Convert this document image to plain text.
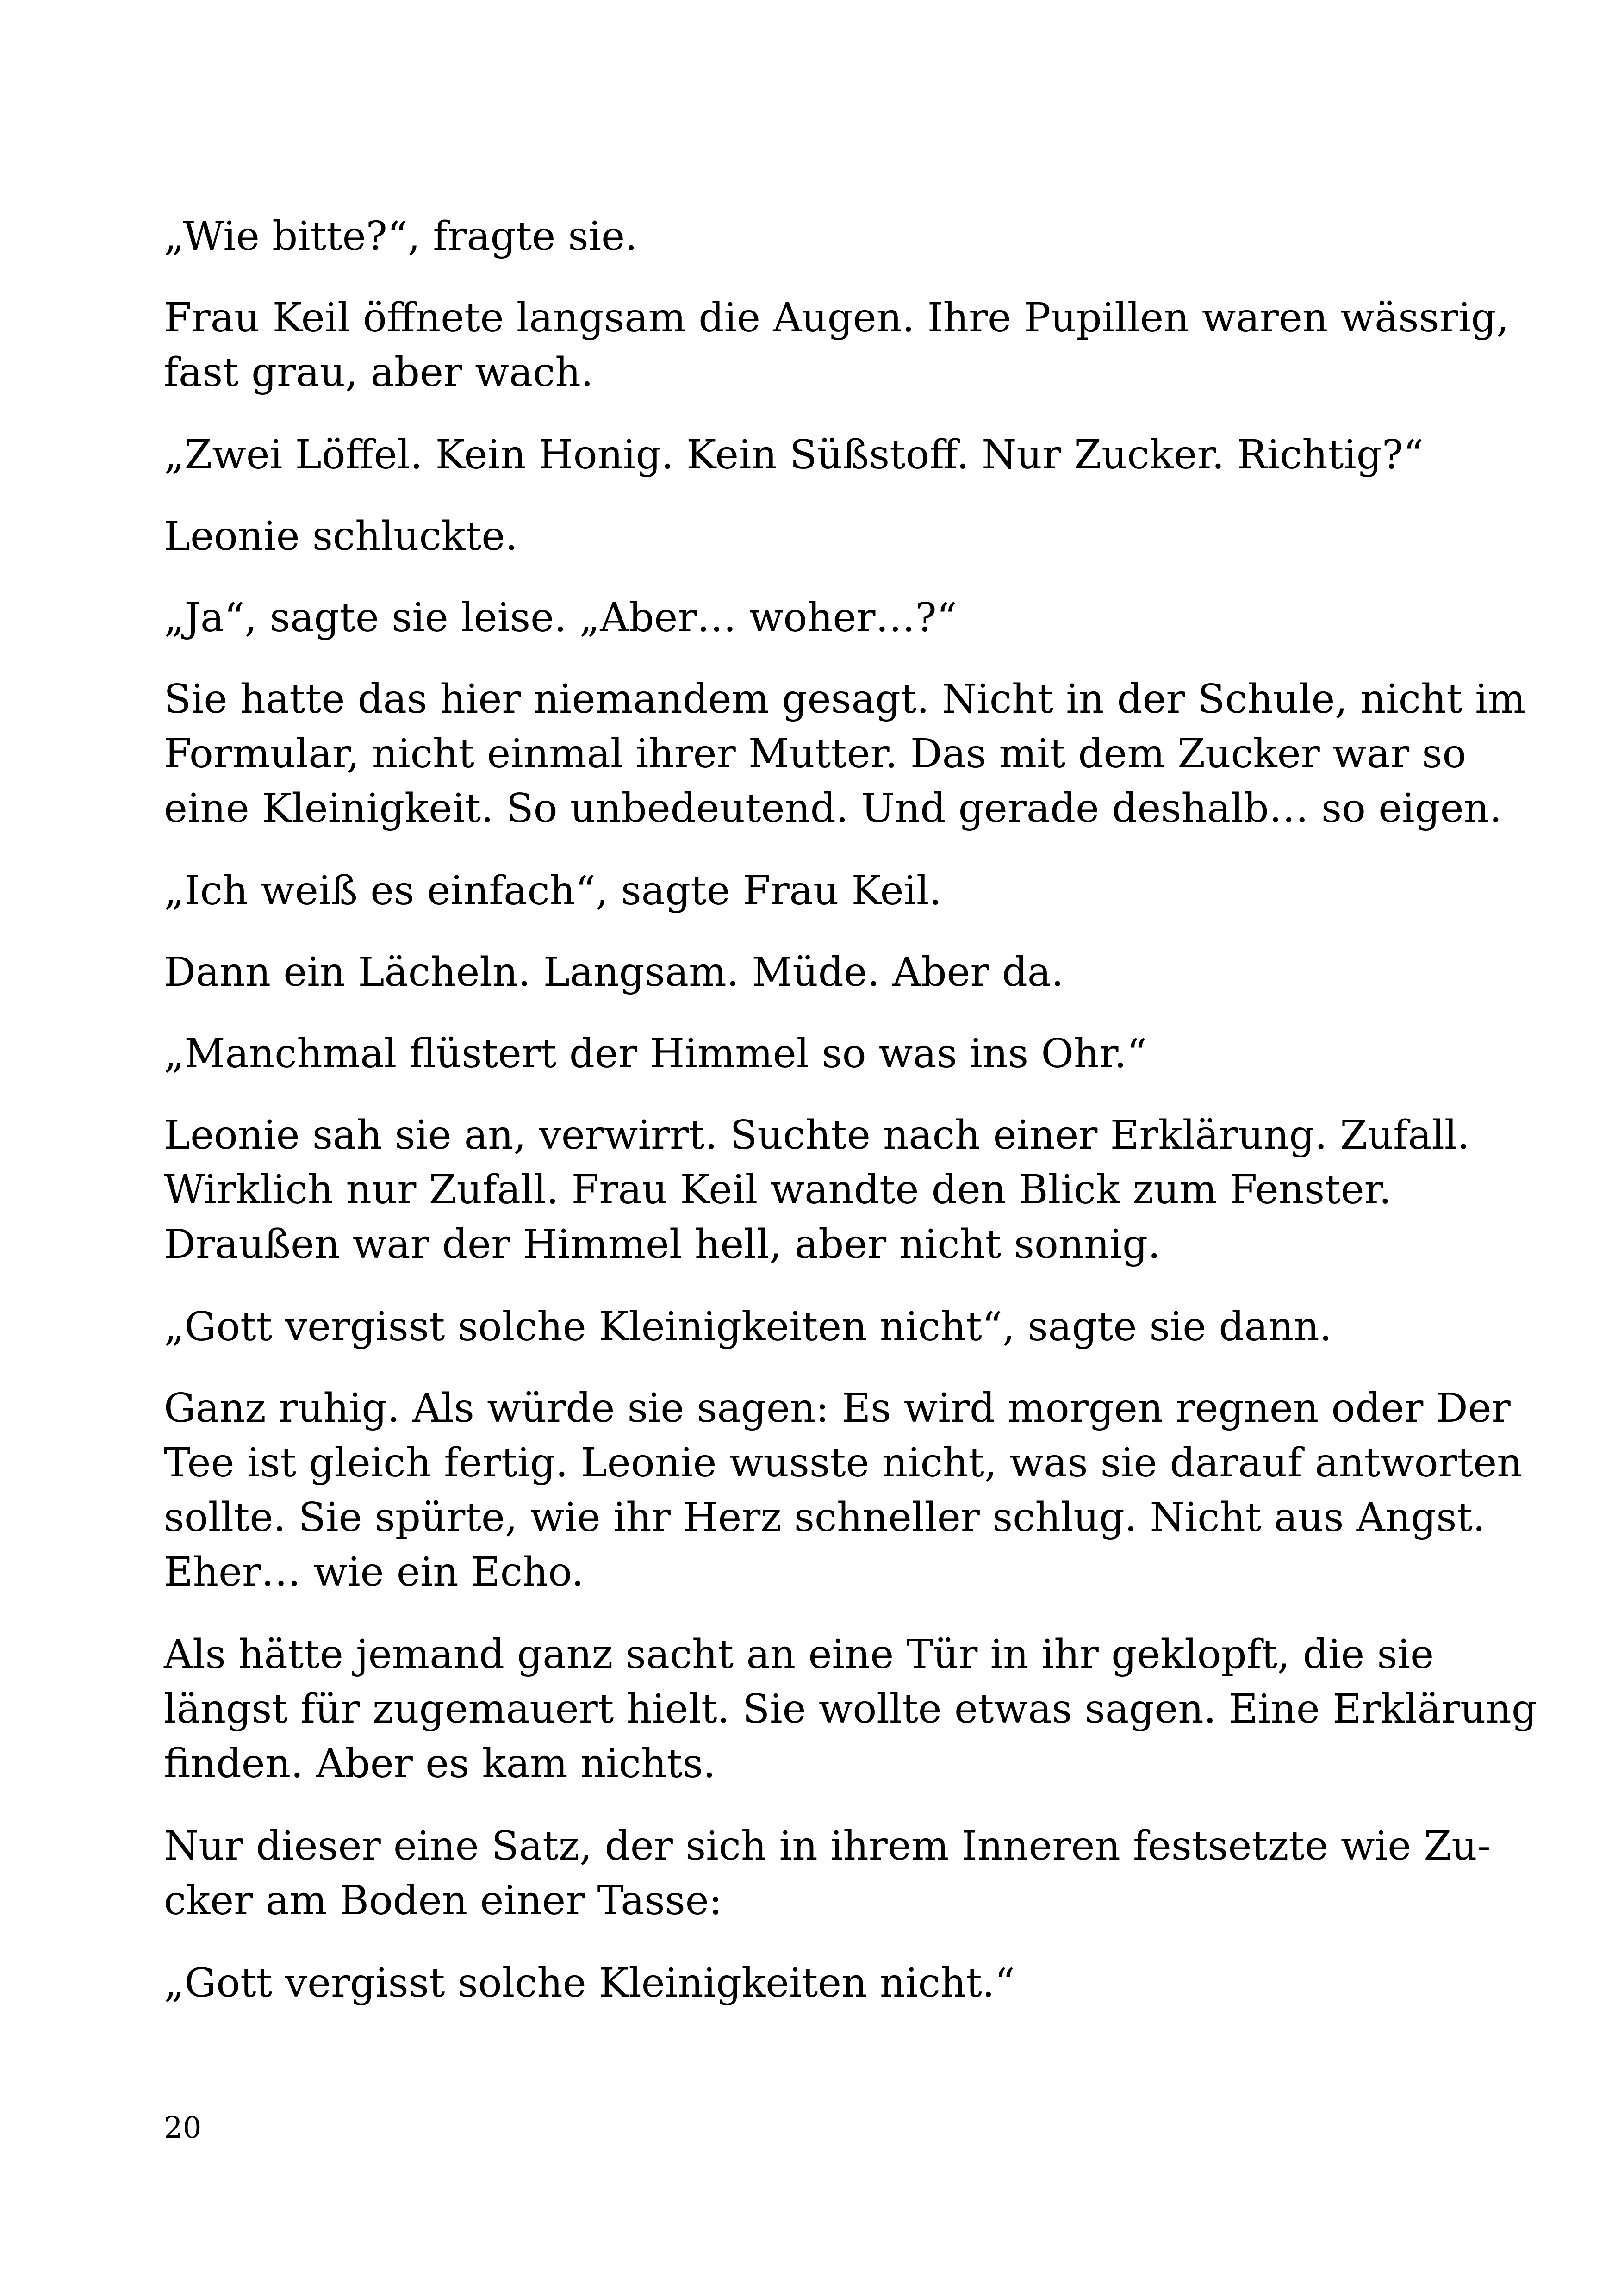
„Wie bitte?“, fragte sie.

Frau Keil öffnete langsam die Augen. Ihre Pupillen waren wässrig,
fast grau, aber wach.

„Zwei Löffel. Kein Honig. Kein Süßstoff. Nur Zucker. Richtig?“

Leonie schluckte.

„Ja“, sagte sie leise. „Aber… woher…?“

Sie hatte das hier niemandem gesagt. Nicht in der Schule, nicht im
Formular, nicht einmal ihrer Mutter. Das mit dem Zucker war so
eine Kleinigkeit. So unbedeutend. Und gerade deshalb… so eigen.

„Ich weiß es einfach“, sagte Frau Keil.

Dann ein Lächeln. Langsam. Müde. Aber da.

„Manchmal flüstert der Himmel so was ins Ohr.“

Leonie sah sie an, verwirrt. Suchte nach einer Erklärung. Zufall.
Wirklich nur Zufall. Frau Keil wandte den Blick zum Fenster.
Draußen war der Himmel hell, aber nicht sonnig.

„Gott vergisst solche Kleinigkeiten nicht“, sagte sie dann.

Ganz ruhig. Als würde sie sagen: Es wird morgen regnen oder Der
Tee ist gleich fertig. Leonie wusste nicht, was sie darauf antworten
sollte. Sie spürte, wie ihr Herz schneller schlug. Nicht aus Angst.
Eher… wie ein Echo.

Als hätte jemand ganz sacht an eine Tür in ihr geklopft, die sie
längst für zugemauert hielt. Sie wollte etwas sagen. Eine Erklärung
finden. Aber es kam nichts.

Nur dieser eine Satz, der sich in ihrem Inneren festsetzte wie Zu-
cker am Boden einer Tasse:

„Gott vergisst solche Kleinigkeiten nicht.“

20
